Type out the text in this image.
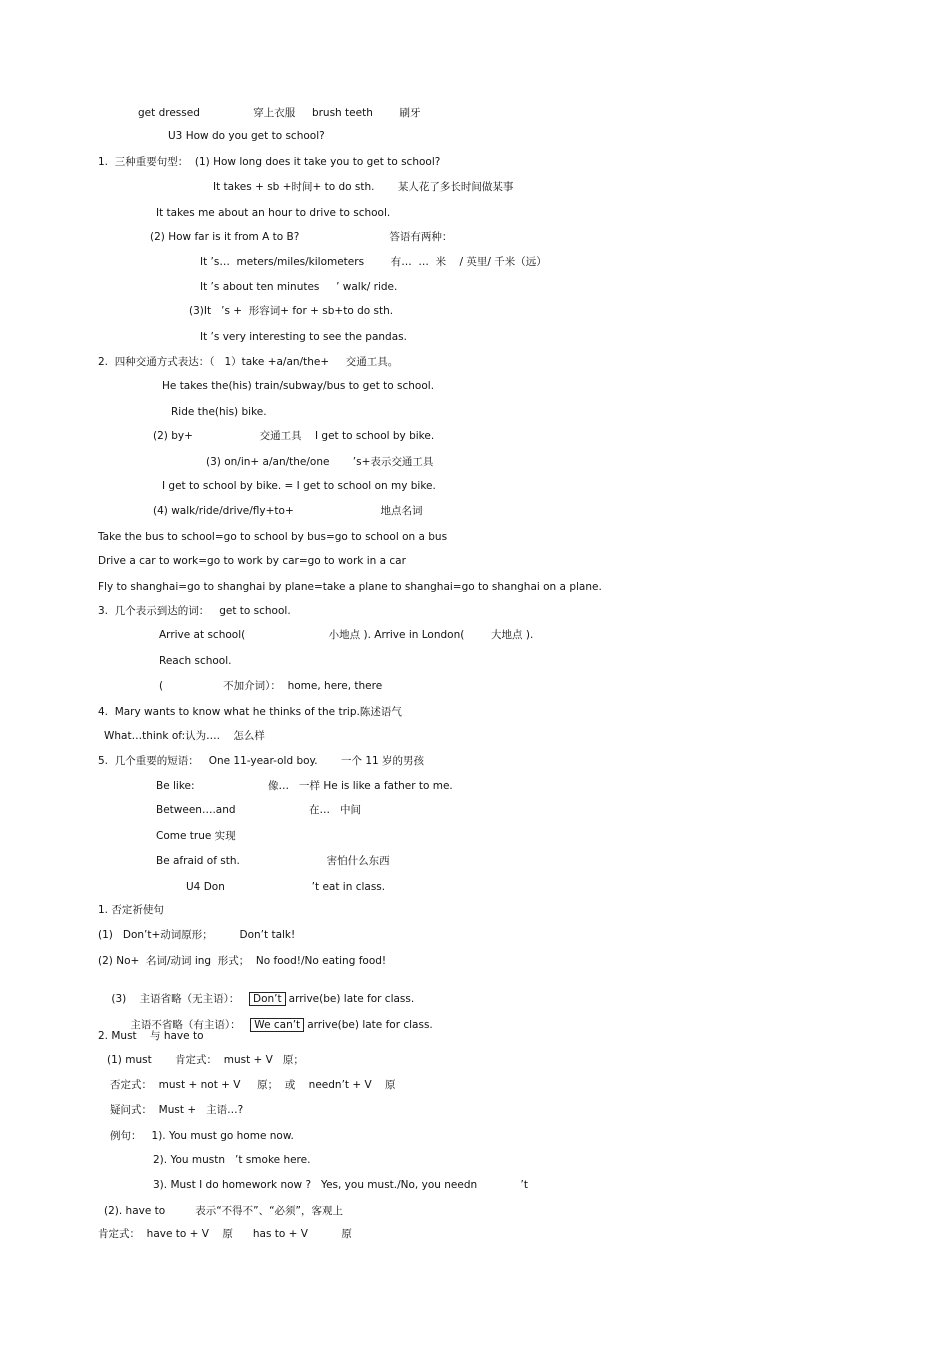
get dressed                穿上衣服     brush teeth        刷牙
U3 How do you get to school?
1.  三种重要句型：  (1) How long does it take you to get to school?
It takes + sb +时间+ to do sth.       某人花了多长时间做某事
It takes me about an hour to drive to school.
(2) How far is it from A to B?                           答语有两种：
It ’s…  meters/miles/kilometers        有…  …  米    / 英里/ 千米（远）
It ’s about ten minutes     ’ walk/ ride.
(3)It   ’s +  形容词+ for + sb+to do sth.
It ’s very interesting to see the pandas.
2.  四种交通方式表达：（   1）take +a/an/the+     交通工具。
He takes the(his) train/subway/bus to get to school.
Ride the(his) bike.
(2) by+                    交通工具    I get to school by bike.
(3) on/in+ a/an/the/one       ’s+表示交通工具
I get to school by bike. = I get to school on my bike.
(4) walk/ride/drive/fly+to+                          地点名词
Take the bus to school=go to school by bus=go to school on a bus
Drive a car to work=go to work by car=go to work in a car
Fly to shanghai=go to shanghai by plane=take a plane to shanghai=go to shanghai on a plane.
3.  几个表示到达的词：   get to school.
Arrive at school(                         小地点 ). Arrive in London(        大地点 ).
Reach school.
(                  不加介词）：  home, here, there
4.  Mary wants to know what he thinks of the trip.陈述语气
What…think of:认为….    怎么样
5.  几个重要的短语：   One 11-year-old boy.       一个 11 岁的男孩
Be like:                      像…   一样 He is like a father to me.
Between….and                      在…   中间
Come true 实现
Be afraid of sth.                          害怕什么东西
U4 Don                          ’t eat in class.
1. 否定祈使句
(1)   Don’t+动词原形；        Don’t talk!
(2) No+  名词/动词 ing  形式；  No food!/No eating food!

(3)    主语省略（无主语）：  Don’t arrive(be) late for class.

主语不省略（有主语）：  We can’t arrive(be) late for class.

2. Must    与 have to
(1) must       肯定式：  must + V   原；
否定式：  must + not + V     原；  或    needn’t + V    原
疑问式：  Must +   主语…?
例句：   1). You must go home now.
2). You mustn   ’t smoke here.
3). Must I do homework now ?   Yes, you must./No, you needn             ’t
(2). have to         表示“不得不”、“必须”，客观上
肯定式：  have to + V    原      has to + V          原
